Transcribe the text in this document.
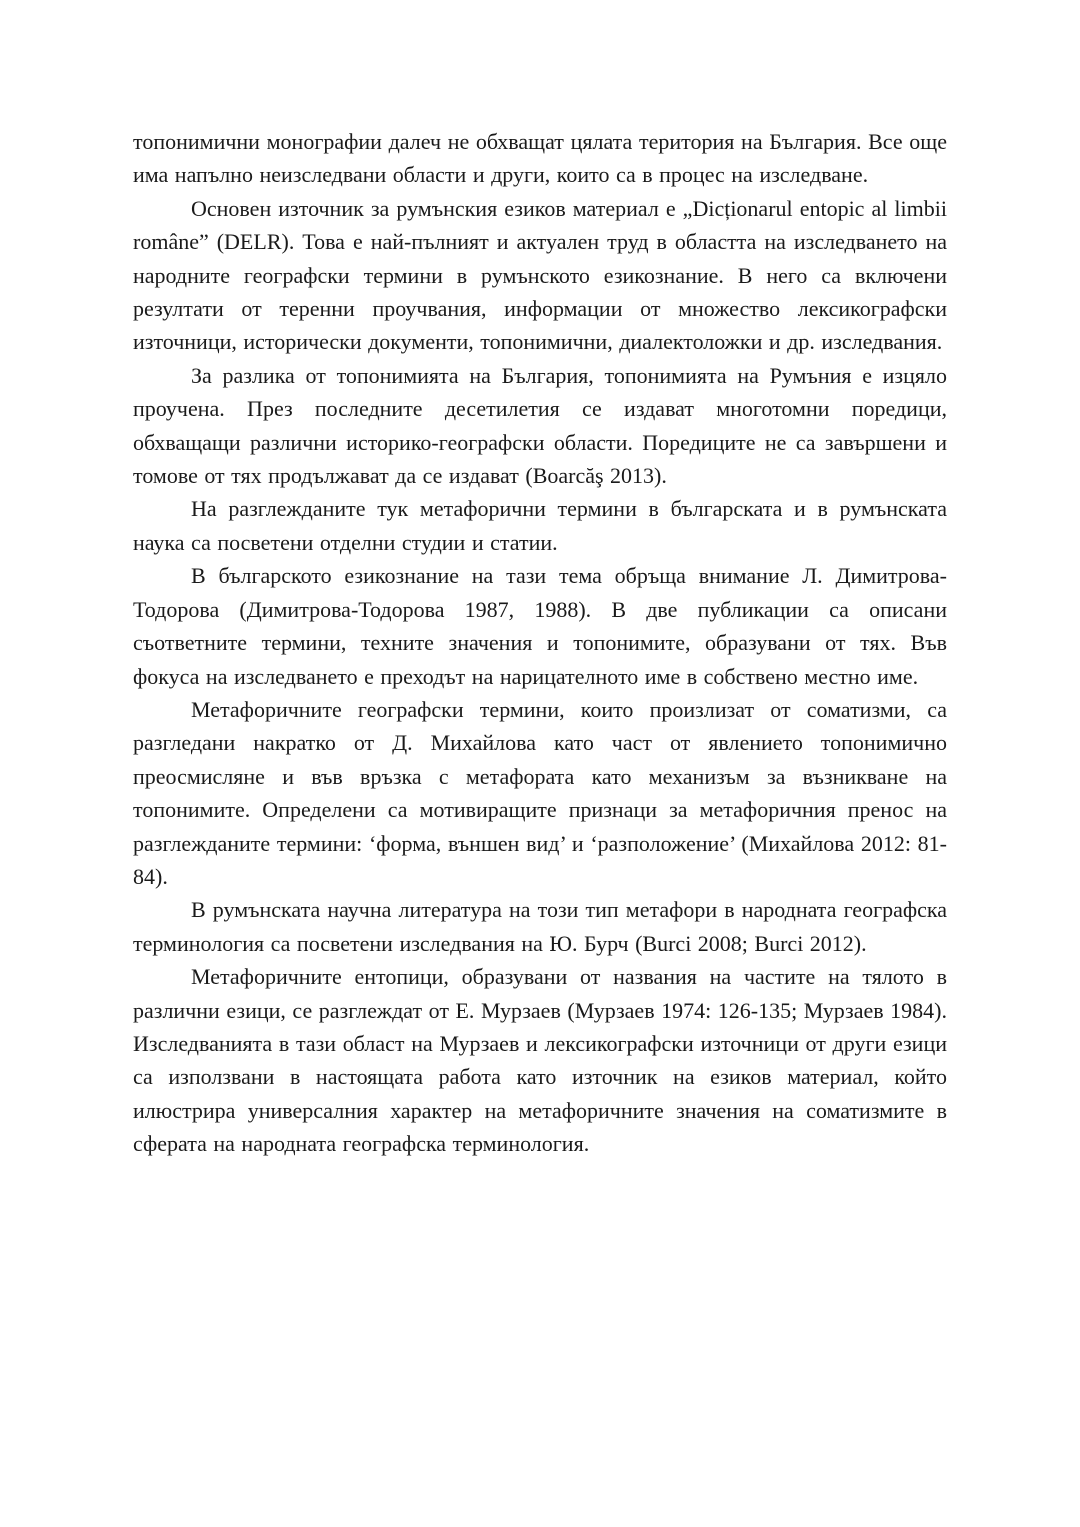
топонимични монографии далеч не обхващат цялата територия на България. Все още има напълно неизследвани области и други, които са в процес на изследване.

Основен източник за румънския езиков материал е „Dicționarul entopic al limbii române” (DELR). Това е най-пълният и актуален труд в областта на изследването на народните географски термини в румънското езикознание. В него са включени резултати от теренни проучвания, информации от множество лексикографски източници, исторически документи, топонимични, диалектоложки и др. изследвания.

За разлика от топонимията на България, топонимията на Румъния е изцяло проучена. През последните десетилетия се издават многотомни поредици, обхващащи различни историко-географски области. Поредиците не са завършени и томове от тях продължават да се издават (Boarcăş 2013).

На разглежданите тук метафорични термини в българската и в румънската наука са посветени отделни студии и статии.

В българското езикознание на тази тема обръща внимание Л. Димитрова-Тодорова (Димитрова-Тодорова 1987, 1988). В две публикации са описани съответните термини, техните значения и топонимите, образувани от тях. Във фокуса на изследването е преходът на нарицателното име в собствено местно име.

Метафоричните географски термини, които произлизат от соматизми, са разгледани накратко от Д. Михайлова като част от явлението топонимично преосмисляне и във връзка с метафората като механизъм за възникване на топонимите. Определени са мотивиращите признаци за метафоричния пренос на разглежданите термини: ‘форма, външен вид’ и ‘разположение’ (Михайлова 2012: 81-84).

В румънската научна литература на този тип метафори в народната географска терминология са посветени изследвания на Ю. Бурч (Burci 2008; Burci 2012).

Метафоричните ентопици, образувани от названия на частите на тялото в различни езици, се разглеждат от Е. Мурзаев (Мурзаев 1974: 126-135; Мурзаев 1984). Изследванията в тази област на Мурзаев и лексикографски източници от други езици са използвани в настоящата работа като източник на езиков материал, който илюстрира универсалния характер на метафоричните значения на соматизмите в сферата на народната географска терминология.
